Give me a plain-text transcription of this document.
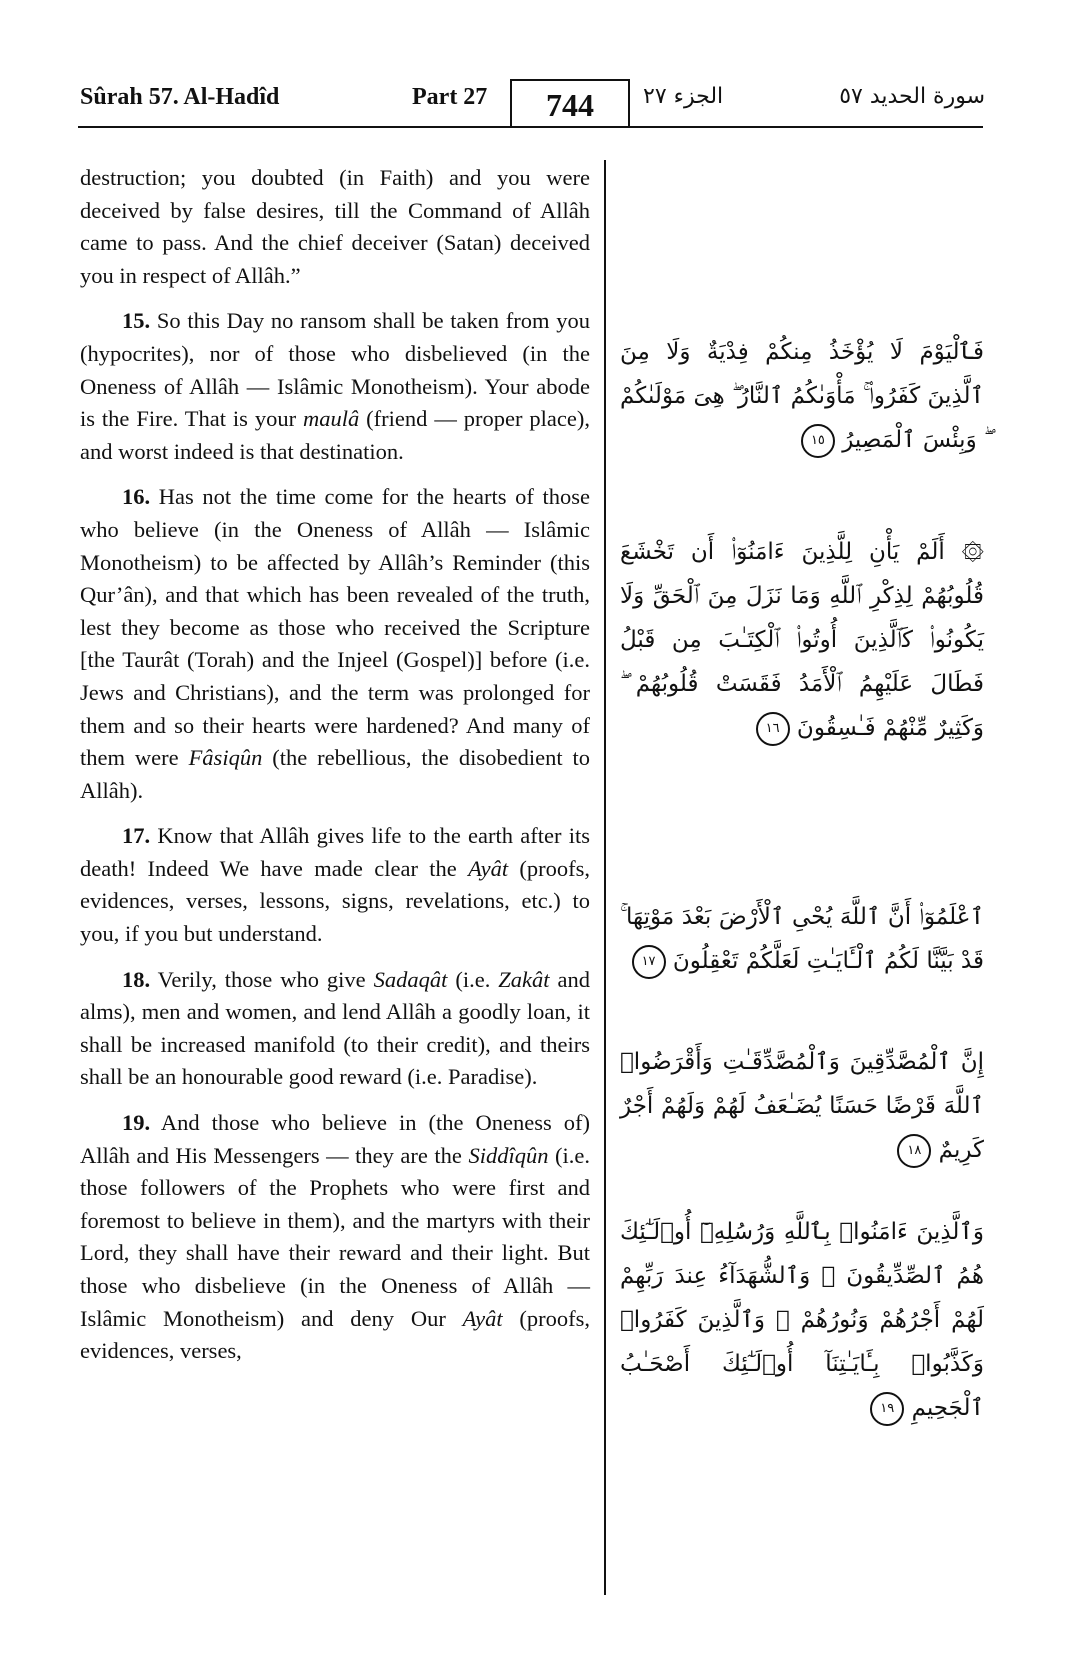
Sûrah 57. Al-Hadîd	Part 27	744	الجزء ٢٧	سورة الحديد ٥٧

destruction; you doubted (in Faith) and you were deceived by false desires, till the Command of Allâh came to pass. And the chief deceiver (Satan) deceived you in respect of Allâh.”

15. So this Day no ransom shall be taken from you (hypocrites), nor of those who disbelieved (in the Oneness of Allâh — Islâmic Monotheism). Your abode is the Fire. That is your maulâ (friend — proper place), and worst indeed is that destination.

16. Has not the time come for the hearts of those who believe (in the Oneness of Allâh — Islâmic Monotheism) to be affected by Allâh’s Reminder (this Qur’ân), and that which has been revealed of the truth, lest they become as those who received the Scripture [the Taurât (Torah) and the Injeel (Gospel)] before (i.e. Jews and Christians), and the term was prolonged for them and so their hearts were hardened? And many of them were Fâsiqûn (the rebellious, the disobedient to Allâh).

17. Know that Allâh gives life to the earth after its death! Indeed We have made clear the Ayât (proofs, evidences, verses, lessons, signs, revelations, etc.) to you, if you but understand.

18. Verily, those who give Sadaqât (i.e. Zakât and alms), men and women, and lend Allâh a goodly loan, it shall be increased manifold (to their credit), and theirs shall be an honourable good reward (i.e. Paradise).

19. And those who believe in (the Oneness of) Allâh and His Messengers — they are the Siddîqûn (i.e. those followers of the Prophets who were first and foremost to believe in them), and the martyrs with their Lord, they shall have their reward and their light. But those who disbelieve (in the Oneness of Allâh — Islâmic Monotheism) and deny Our Ayât (proofs, evidences, verses,

فَٱلْيَوْمَ لَا يُؤْخَذُ مِنكُمْ فِدْيَةٌ وَلَا مِنَ ٱلَّذِينَ كَفَرُوا۟ ۚ مَأْوَىٰكُمُ ٱلنَّارُ ۖ هِىَ مَوْلَىٰكُمْ ۖ وَبِئْسَ ٱلْمَصِيرُ ١٥
۞ أَلَمْ يَأْنِ لِلَّذِينَ ءَامَنُوٓا۟ أَن تَخْشَعَ قُلُوبُهُمْ لِذِكْرِ ٱللَّهِ وَمَا نَزَلَ مِنَ ٱلْحَقِّ وَلَا يَكُونُوا۟ كَٱلَّذِينَ أُوتُوا۟ ٱلْكِتَـٰبَ مِن قَبْلُ فَطَالَ عَلَيْهِمُ ٱلْأَمَدُ فَقَسَتْ قُلُوبُهُمْ ۖ وَكَثِيرٌ مِّنْهُمْ فَـٰسِقُونَ ١٦
ٱعْلَمُوٓا۟ أَنَّ ٱللَّهَ يُحْىِ ٱلْأَرْضَ بَعْدَ مَوْتِهَا ۚ قَدْ بَيَّنَّا لَكُمُ ٱلْـَٔايَـٰتِ لَعَلَّكُمْ تَعْقِلُونَ ١٧
إِنَّ ٱلْمُصَّدِّقِينَ وَٱلْمُصَّدِّقَـٰتِ وَأَقْرَضُوا۟ ٱللَّهَ قَرْضًا حَسَنًا يُضَـٰعَفُ لَهُمْ وَلَهُمْ أَجْرٌ كَرِيمٌ ١٨
وَٱلَّذِينَ ءَامَنُوا۟ بِٱللَّهِ وَرُسُلِهِۦٓ أُو۟لَـٰٓئِكَ هُمُ ٱلصِّدِّيقُونَ ۖ وَٱلشُّهَدَآءُ عِندَ رَبِّهِمْ لَهُمْ أَجْرُهُمْ وَنُورُهُمْ ۖ وَٱلَّذِينَ كَفَرُوا۟ وَكَذَّبُوا۟ بِـَٔايَـٰتِنَآ أُو۟لَـٰٓئِكَ أَصْحَـٰبُ ٱلْجَحِيمِ ١٩
